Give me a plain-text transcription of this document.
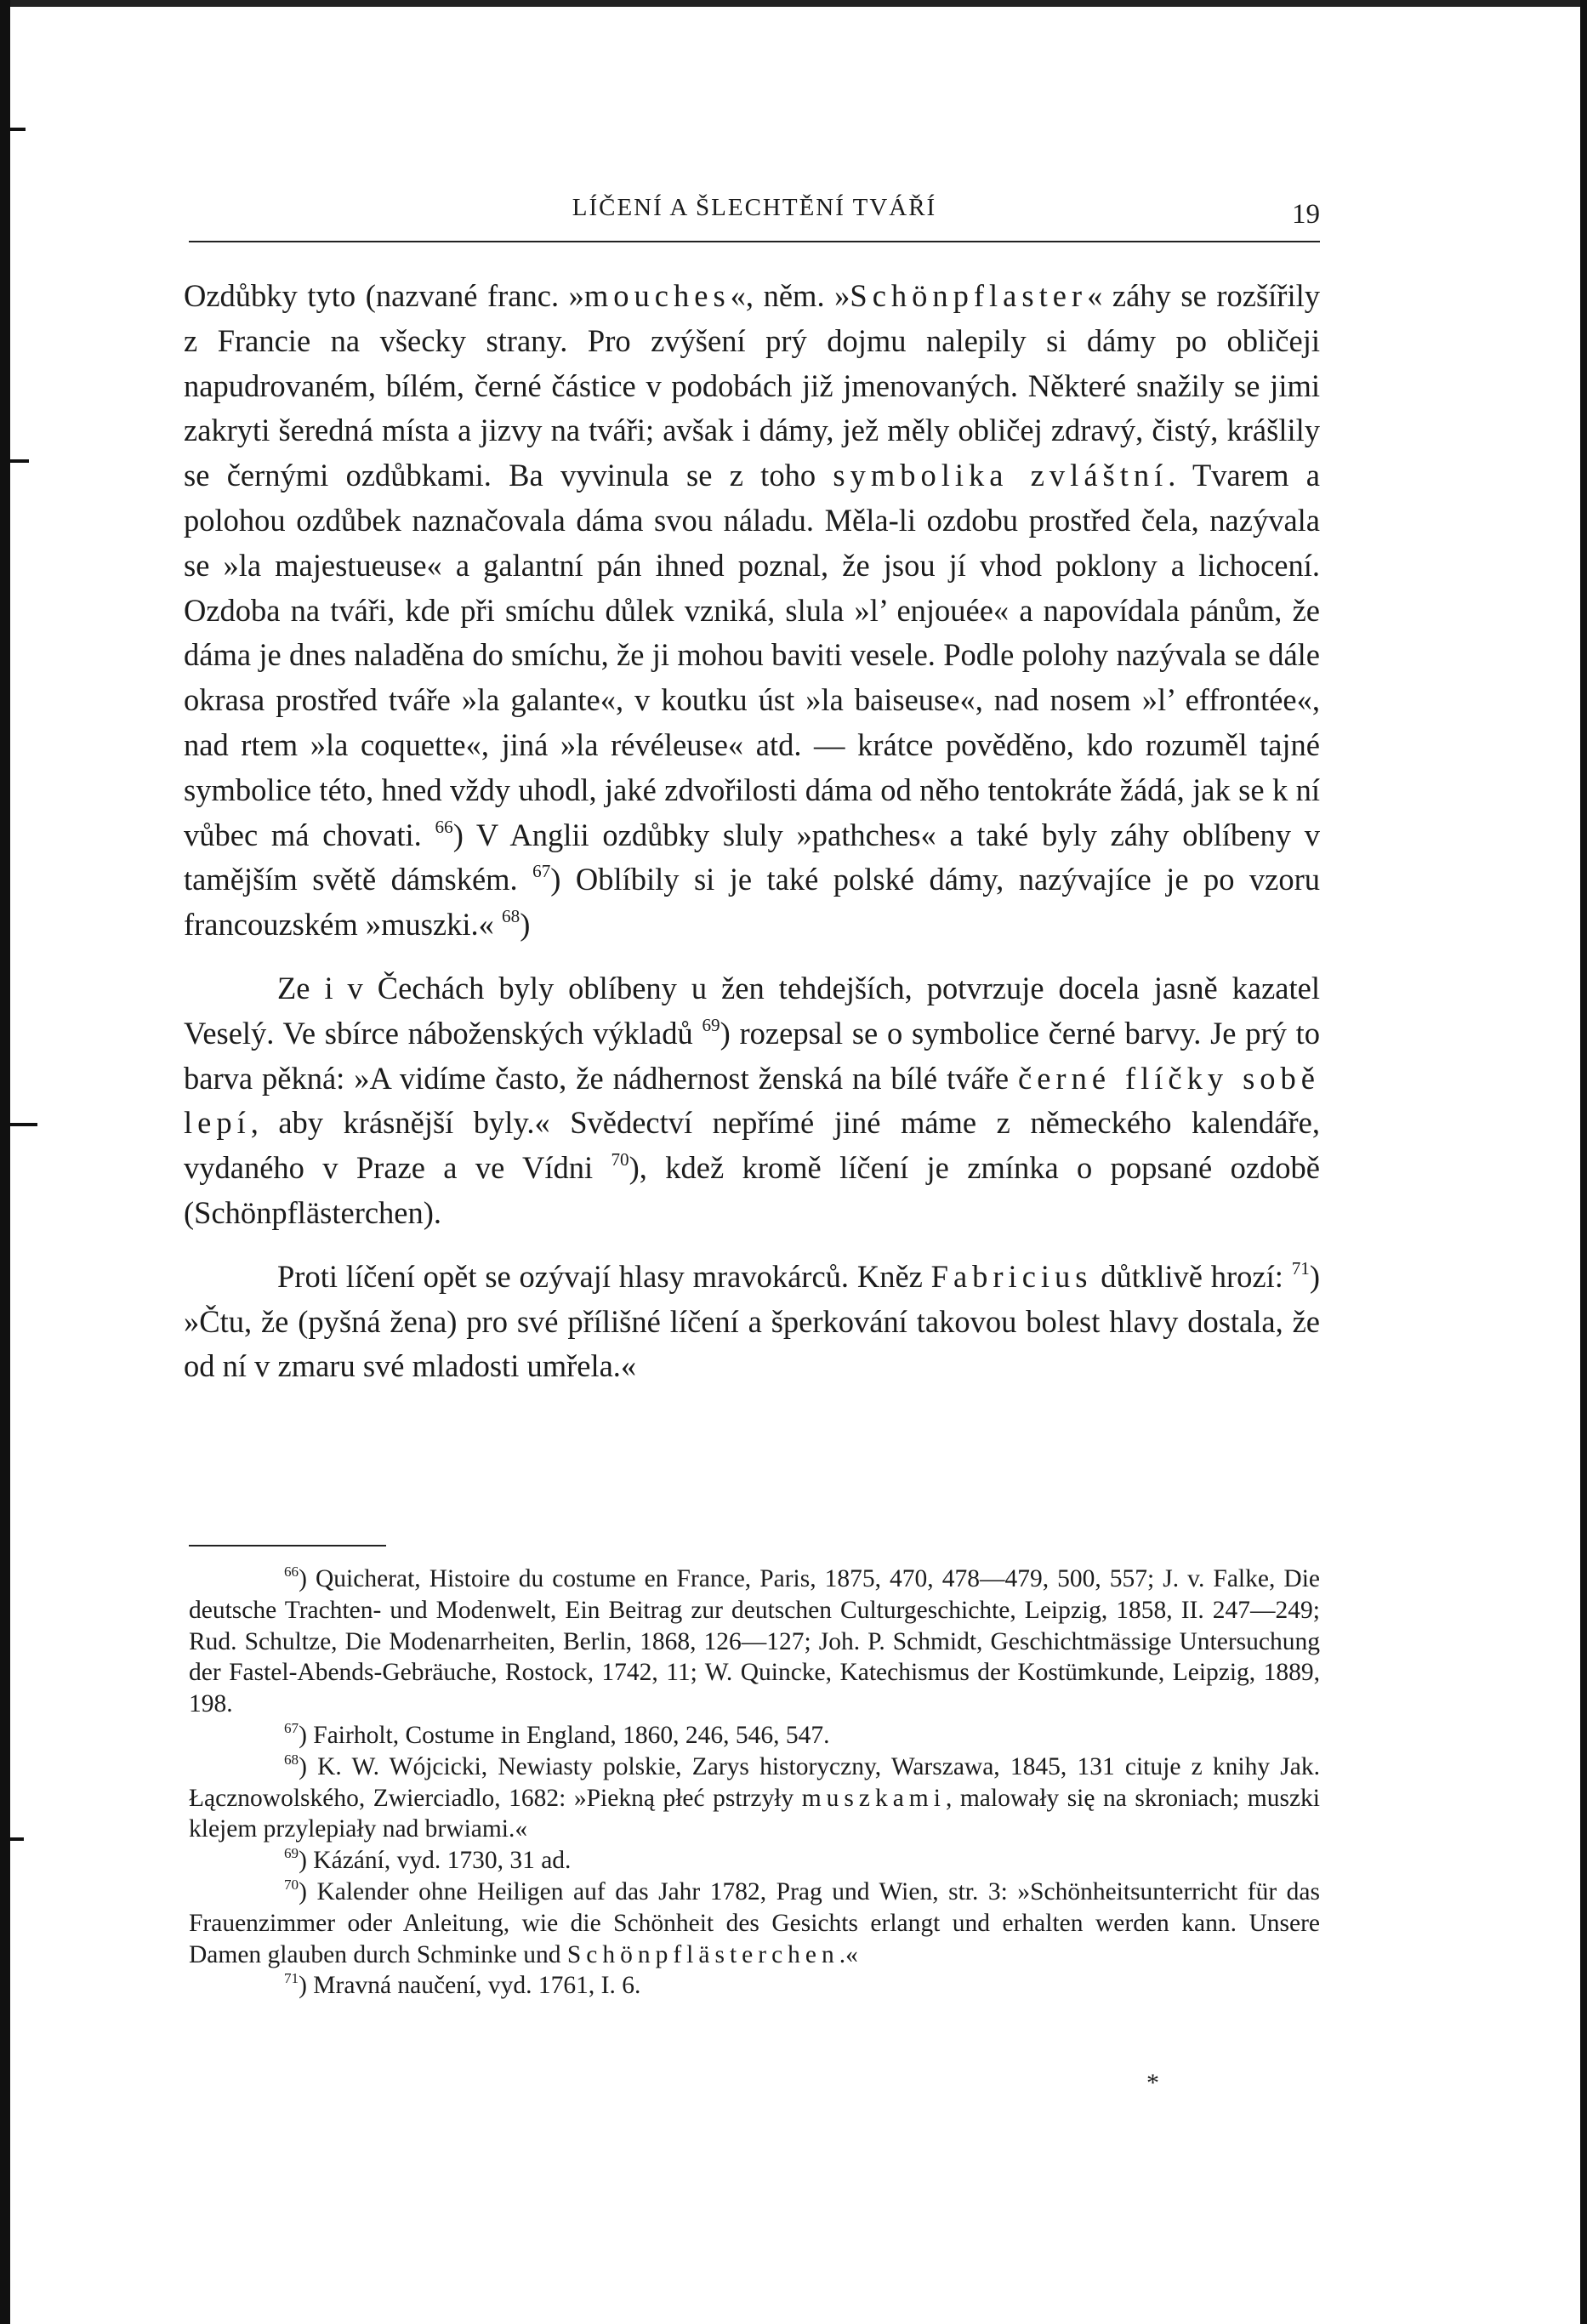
LÍČENÍ A ŠLECHTĚNÍ TVÁŘÍ	19

Ozdůbky tyto (nazvané franc. »mouches«, něm. »Schönpflaster« záhy se rozšířily z Francie na všecky strany. Pro zvýšení prý dojmu nalepily si dámy po obličeji napudrovaném, bílém, černé částice v podobách již jmenovaných. Některé snažily se jimi zakryti šeredná místa a jizvy na tváři; avšak i dámy, jež měly obličej zdravý, čistý, krášlily se černými ozdůbkami. Ba vyvinula se z toho symbolika zvláštní. Tvarem a polohou ozdůbek naznačovala dáma svou náladu. Měla-li ozdobu prostřed čela, nazývala se »la majestueuse« a galantní pán ihned poznal, že jsou jí vhod poklony a lichocení. Ozdoba na tváři, kde při smíchu důlek vzniká, slula »l’ enjouée« a napovídala pánům, že dáma je dnes naladěna do smíchu, že ji mohou baviti vesele. Podle polohy nazývala se dále okrasa prostřed tváře »la galante«, v koutku úst »la baiseuse«, nad nosem »l’ effrontée«, nad rtem »la coquette«, jiná »la révéleuse« atd. — krátce pověděno, kdo rozuměl tajné symbolice této, hned vždy uhodl, jaké zdvořilosti dáma od něho tentokráte žádá, jak se k ní vůbec má chovati. $^{66}$) V Anglii ozdůbky sluly »pathches« a také byly záhy oblíbeny v tamějším světě dámském. $^{67}$) Oblíbily si je také polské dámy, nazývajíce je po vzoru francouzském »muszki.« $^{68}$)

Ze i v Čechách byly oblíbeny u žen tehdejších, potvrzuje docela jasně kazatel Veselý. Ve sbírce náboženských výkladů $^{69}$) rozepsal se o symbolice černé barvy. Je prý to barva pěkná: »A vidíme často, že nádhernost ženská na bílé tváře černé flíčky sobě lepí, aby krásnější byly.« Svědectví nepřímé jiné máme z německého kalendáře, vydaného v Praze a ve Vídni $^{70}$), kdež kromě líčení je zmínka o popsané ozdobě (Schönpflästerchen).

Proti líčení opět se ozývají hlasy mravokárců. Kněz Fabricius důtklivě hrozí: $^{71}$) »Čtu, že (pyšná žena) pro své přílišné líčení a šperkování takovou bolest hlavy dostala, že od ní v zmaru své mladosti umřela.«

$^{66}$) Quicherat, Histoire du costume en France, Paris, 1875, 470, 478—479, 500, 557; J. v. Falke, Die deutsche Trachten- und Modenwelt, Ein Beitrag zur deutschen Culturgeschichte, Leipzig, 1858, II. 247—249; Rud. Schultze, Die Modenarrheiten, Berlin, 1868, 126—127; Joh. P. Schmidt, Geschichtmässige Untersuchung der Fastel-Abends-Gebräuche, Rostock, 1742, 11; W. Quincke, Katechismus der Kostümkunde, Leipzig, 1889, 198.

$^{67}$) Fairholt, Costume in England, 1860, 246, 546, 547.

$^{68}$) K. W. Wójcicki, Newiasty polskie, Zarys historyczny, Warszawa, 1845, 131 cituje z knihy Jak. Łącznowolského, Zwierciadlo, 1682: »Piekną płeć pstrzyły muszkami, malowały się na skroniach; muszki klejem przylepiały nad brwiami.«

$^{69}$) Kázání, vyd. 1730, 31 ad.

$^{70}$) Kalender ohne Heiligen auf das Jahr 1782, Prag und Wien, str. 3: »Schönheitsunterricht für das Frauenzimmer oder Anleitung, wie die Schönheit des Gesichts erlangt und erhalten werden kann. Unsere Damen glauben durch Schminke und Schönpflästerchen.«

$^{71}$) Mravná naučení, vyd. 1761, I. 6.

*
